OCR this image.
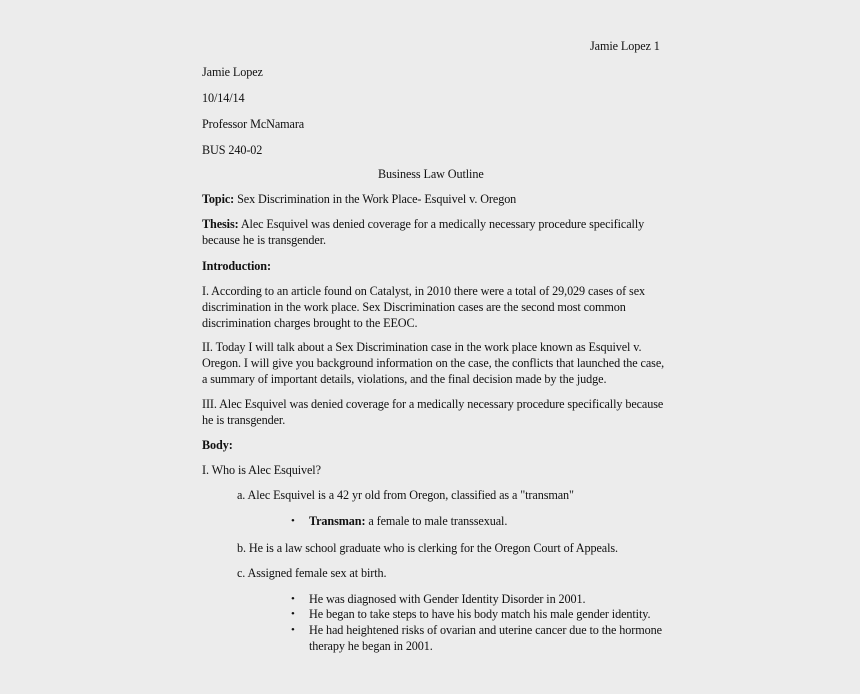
Jamie Lopez 1
Jamie Lopez
10/14/14
Professor McNamara
BUS 240-02
Business Law Outline
Topic: Sex Discrimination in the Work Place- Esquivel v. Oregon
Thesis: Alec Esquivel was denied coverage for a medically necessary procedure specifically
because he is transgender.
Introduction:
I. According to an article found on Catalyst, in 2010 there were a total of 29,029 cases of sex
discrimination in the work place. Sex Discrimination cases are the second most common
discrimination charges brought to the EEOC.
II. Today I will talk about a Sex Discrimination case in the work place known as Esquivel v.
Oregon. I will give you background information on the case, the conflicts that launched the case,
a summary of important details, violations, and the final decision made by the judge.
III. Alec Esquivel was denied coverage for a medically necessary procedure specifically because
he is transgender.
Body:
I. Who is Alec Esquivel?
a. Alec Esquivel is a 42 yr old from Oregon, classified as a "transman"
• Transman: a female to male transsexual.
b. He is a law school graduate who is clerking for the Oregon Court of Appeals.
c. Assigned female sex at birth.
• He was diagnosed with Gender Identity Disorder in 2001.
• He began to take steps to have his body match his male gender identity.
• He had heightened risks of ovarian and uterine cancer due to the hormone
therapy he began in 2001.
